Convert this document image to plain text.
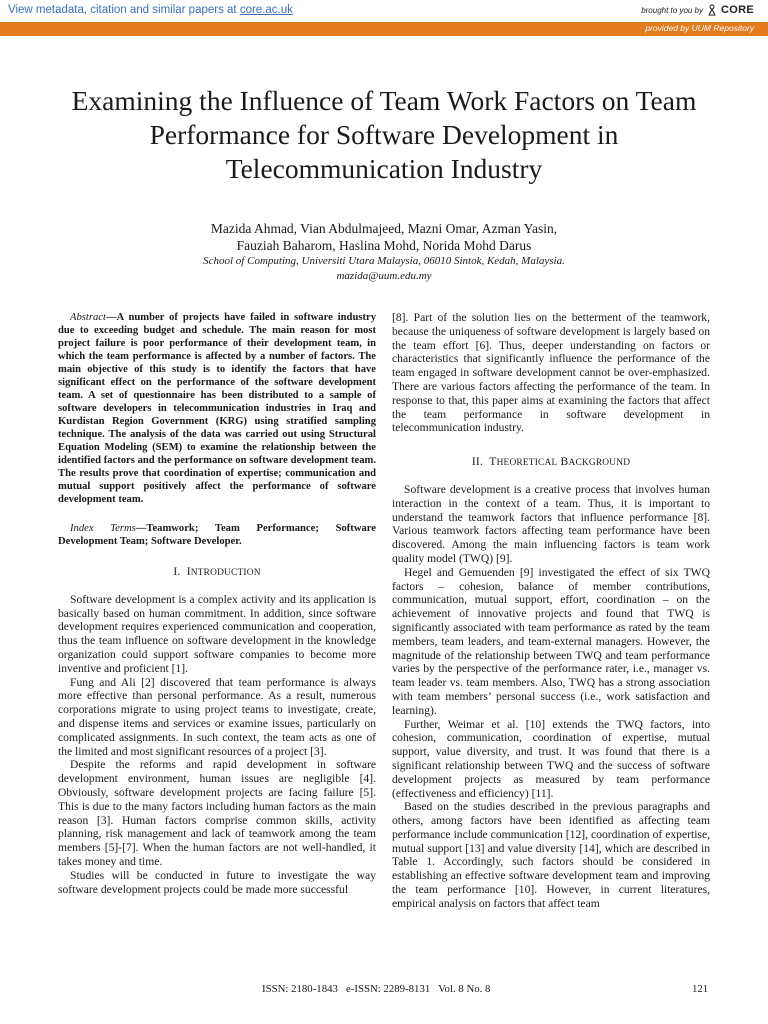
View metadata, citation and similar papers at core.ac.uk	brought to you by CORE
provided by UUM Repository
Examining the Influence of Team Work Factors on Team Performance for Software Development in Telecommunication Industry
Mazida Ahmad, Vian Abdulmajeed, Mazni Omar, Azman Yasin,
Fauziah Baharom, Haslina Mohd, Norida Mohd Darus
School of Computing, Universiti Utara Malaysia, 06010 Sintok, Kedah, Malaysia.
mazida@uum.edu.my

Abstract—A number of projects have failed in software industry due to exceeding budget and schedule. The main reason for most project failure is poor performance of their development team, in which the team performance is affected by a number of factors. The main objective of this study is to identify the factors that have significant effect on the performance of the software development team. A set of questionnaire has been distributed to a sample of software developers in telecommunication industries in Iraq and Kurdistan Region Government (KRG) using stratified sampling technique. The analysis of the data was carried out using Structural Equation Modeling (SEM) to examine the relationship between the identified factors and the performance on software development team. The results prove that coordination of expertise; communication and mutual support positively affect the performance of software development team.

Index Terms—Teamwork; Team Performance; Software Development Team; Software Developer.

I. INTRODUCTION

Software development is a complex activity and its application is basically based on human commitment. In addition, since software development requires experienced communication and cooperation, thus the team influence on software development in the knowledge organization could support software companies to become more inventive and proficient [1].

Fung and Ali [2] discovered that team performance is always more effective than personal performance. As a result, numerous corporations migrate to using project teams to investigate, create, and dispense items and services or examine issues, particularly on complicated assignments. In such context, the team acts as one of the limited and most significant resources of a project [3].

Despite the reforms and rapid development in software development environment, human issues are negligible [4]. Obviously, software development projects are facing failure [5]. This is due to the many factors including human factors as the main reason [3]. Human factors comprise common skills, activity planning, risk management and lack of teamwork among the team members [5]-[7]. When the human factors are not well-handled, it takes money and time.

Studies will be conducted in future to investigate the way software development projects could be made more successful

[8]. Part of the solution lies on the betterment of the teamwork, because the uniqueness of software development is largely based on the team effort [6]. Thus, deeper understanding on factors or characteristics that significantly influence the performance of the team engaged in software development cannot be over-emphasized. There are various factors affecting the performance of the team. In response to that, this paper aims at examining the factors that affect the team performance in software development in telecommunication industry.

II. THEORETICAL BACKGROUND

Software development is a creative process that involves human interaction in the context of a team. Thus, it is important to understand the teamwork factors that influence performance [8]. Various teamwork factors affecting team performance have been discovered. Among the main influencing factors is team work quality model (TWQ) [9].

Hegel and Gemuenden [9] investigated the effect of six TWQ factors – cohesion, balance of member contributions, communication, mutual support, effort, coordination – on the achievement of innovative projects and found that TWQ is significantly associated with team performance as rated by the team members, team leaders, and team-external managers. However, the magnitude of the relationship between TWQ and team performance varies by the perspective of the performance rater, i.e., manager vs. team leader vs. team members. Also, TWQ has a strong association with team members’ personal success (i.e., work satisfaction and learning).

Further, Weimar et al. [10] extends the TWQ factors, into cohesion, communication, coordination of expertise, mutual support, value diversity, and trust. It was found that there is a significant relationship between TWQ and the success of software development projects as measured by team performance (effectiveness and efficiency) [11].

Based on the studies described in the previous paragraphs and others, among factors have been identified as affecting team performance include communication [12], coordination of expertise, mutual support [13] and value diversity [14], which are described in Table 1. Accordingly, such factors should be considered in establishing an effective software development team and improving the team performance [10]. However, in current literatures, empirical analysis on factors that affect team

ISSN: 2180-1843   e-ISSN: 2289-8131   Vol. 8 No. 8	121
